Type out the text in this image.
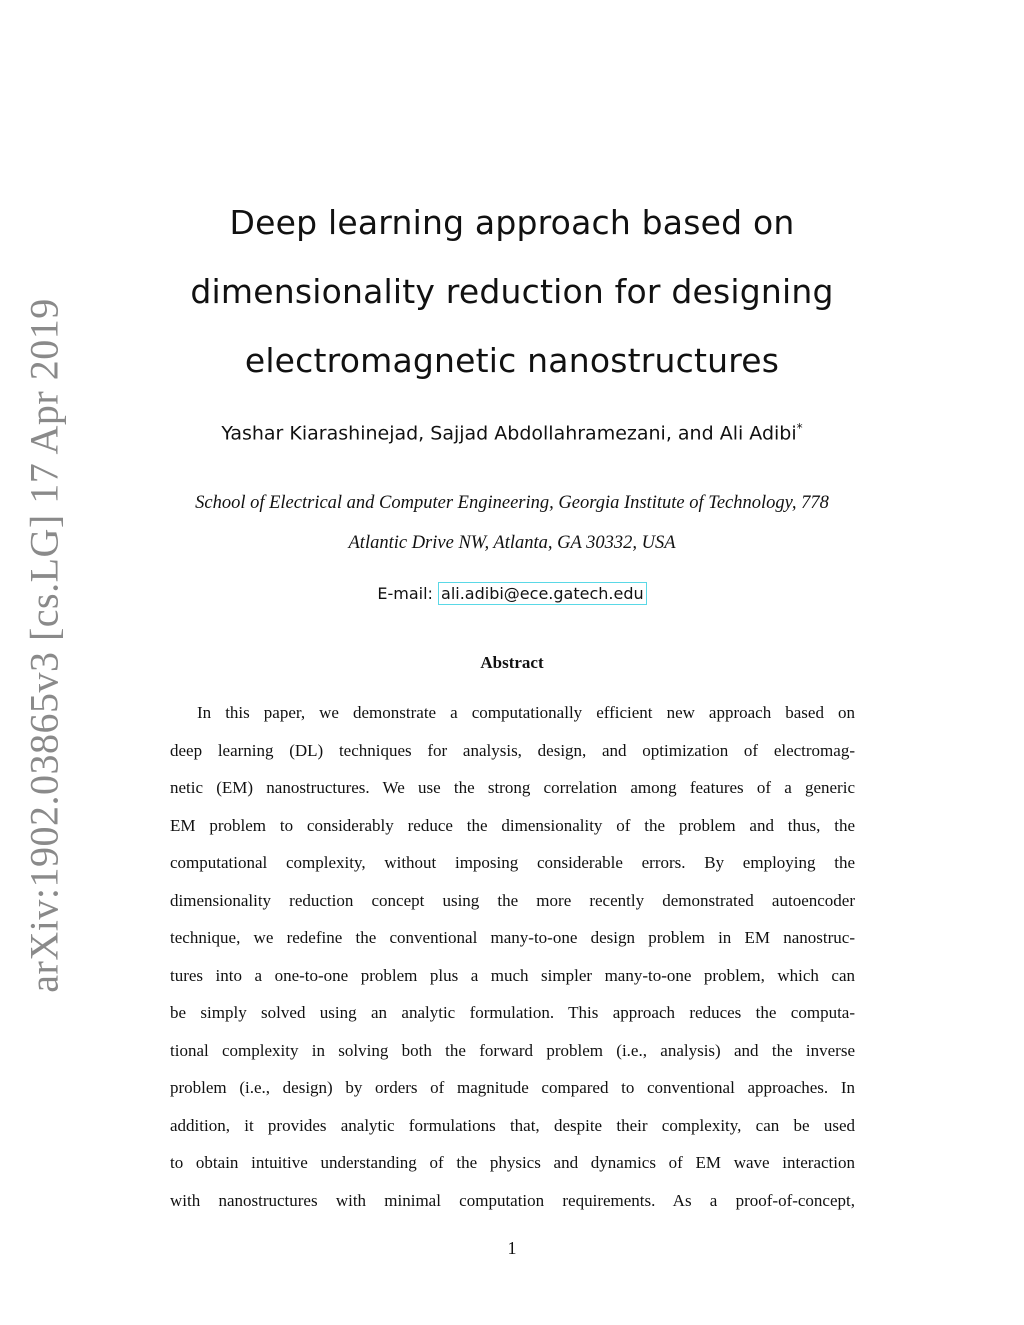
arXiv:1902.03865v3 [cs.LG] 17 Apr 2019
Deep learning approach based on
dimensionality reduction for designing
electromagnetic nanostructures
Yashar Kiarashinejad, Sajjad Abdollahramezani, and Ali Adibi*
School of Electrical and Computer Engineering, Georgia Institute of Technology, 778
Atlantic Drive NW, Atlanta, GA 30332, USA
E-mail: ali.adibi@ece.gatech.edu
Abstract
In this paper, we demonstrate a computationally efficient new approach based on
deep learning (DL) techniques for analysis, design, and optimization of electromag-
netic (EM) nanostructures. We use the strong correlation among features of a generic
EM problem to considerably reduce the dimensionality of the problem and thus, the
computational complexity, without imposing considerable errors. By employing the
dimensionality reduction concept using the more recently demonstrated autoencoder
technique, we redefine the conventional many-to-one design problem in EM nanostruc-
tures into a one-to-one problem plus a much simpler many-to-one problem, which can
be simply solved using an analytic formulation. This approach reduces the computa-
tional complexity in solving both the forward problem (i.e., analysis) and the inverse
problem (i.e., design) by orders of magnitude compared to conventional approaches. In
addition, it provides analytic formulations that, despite their complexity, can be used
to obtain intuitive understanding of the physics and dynamics of EM wave interaction
with nanostructures with minimal computation requirements. As a proof-of-concept,
1
